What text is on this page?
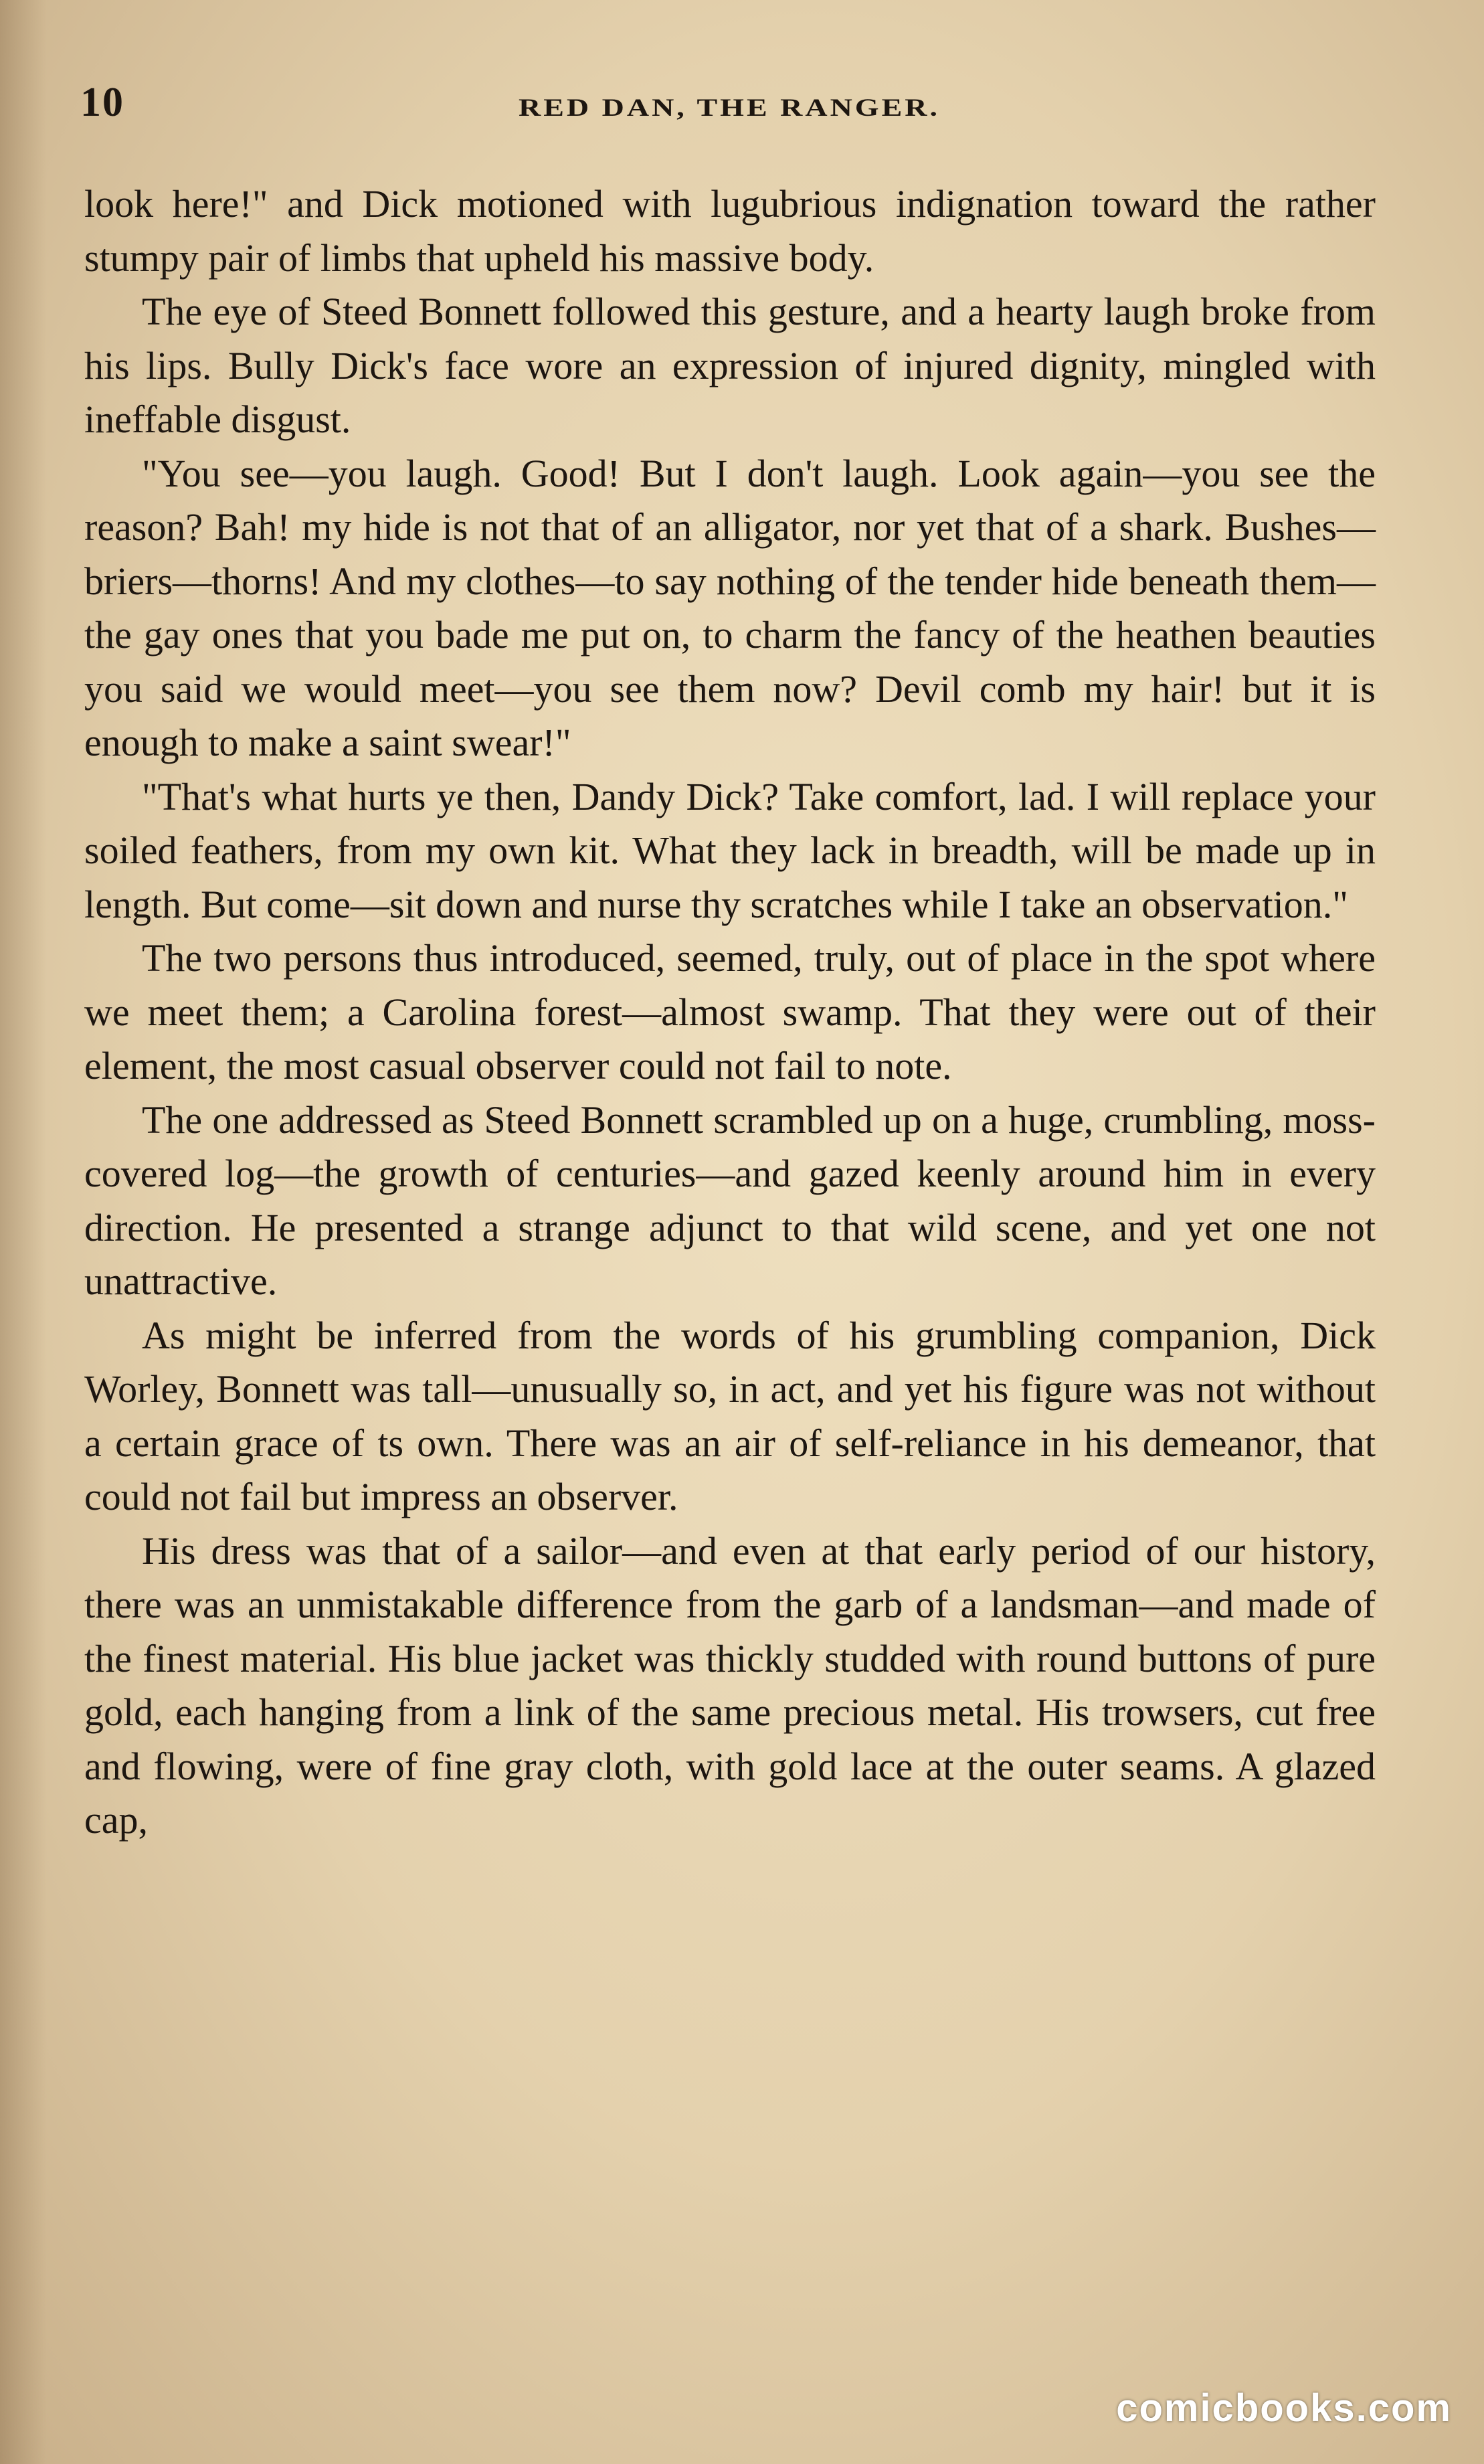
10	RED DAN, THE RANGER.

look here!" and Dick motioned with lugubrious indignation toward the rather stumpy pair of limbs that upheld his massive body.

The eye of Steed Bonnett followed this gesture, and a hearty laugh broke from his lips. Bully Dick's face wore an expression of injured dignity, mingled with ineffable disgust.

"You see—you laugh. Good! But I don't laugh. Look again—you see the reason? Bah! my hide is not that of an alligator, nor yet that of a shark. Bushes—briers—thorns! And my clothes—to say nothing of the tender hide beneath them—the gay ones that you bade me put on, to charm the fancy of the heathen beauties you said we would meet—you see them now? Devil comb my hair! but it is enough to make a saint swear!"

"That's what hurts ye then, Dandy Dick? Take comfort, lad. I will replace your soiled feathers, from my own kit. What they lack in breadth, will be made up in length. But come—sit down and nurse thy scratches while I take an observation."

The two persons thus introduced, seemed, truly, out of place in the spot where we meet them; a Carolina forest—almost swamp. That they were out of their element, the most casual observer could not fail to note.

The one addressed as Steed Bonnett scrambled up on a huge, crumbling, moss-covered log—the growth of centuries—and gazed keenly around him in every direction. He presented a strange adjunct to that wild scene, and yet one not unattractive.

As might be inferred from the words of his grumbling companion, Dick Worley, Bonnett was tall—unusually so, in act, and yet his figure was not without a certain grace of ts own. There was an air of self-reliance in his demeanor, that could not fail but impress an observer.

His dress was that of a sailor—and even at that early period of our history, there was an unmistakable difference from the garb of a landsman—and made of the finest material. His blue jacket was thickly studded with round buttons of pure gold, each hanging from a link of the same precious metal. His trowsers, cut free and flowing, were of fine gray cloth, with gold lace at the outer seams. A glazed cap,

comicbooks.com
